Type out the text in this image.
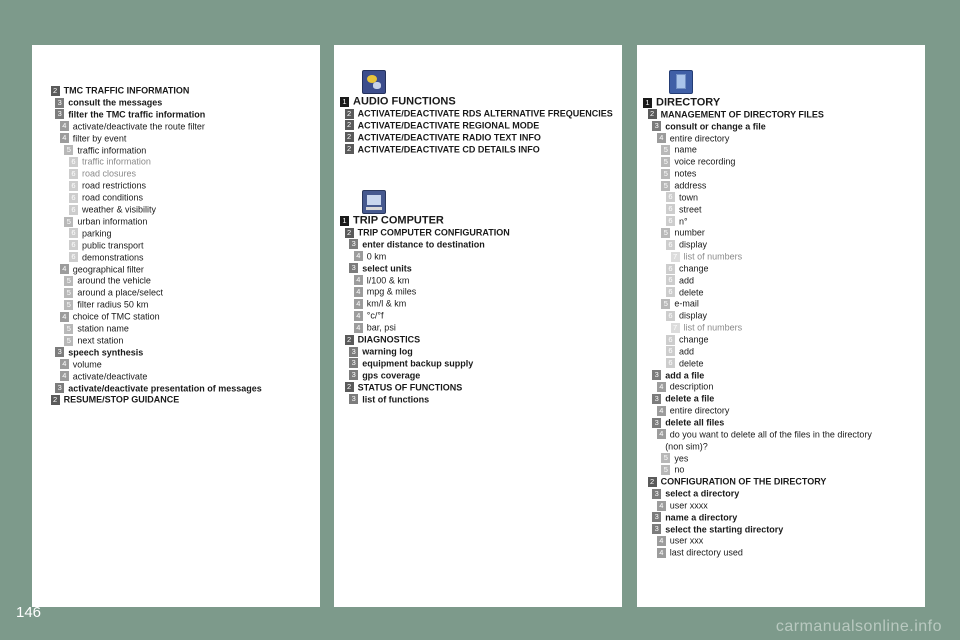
2 TMC TRAFFIC INFORMATION
3 consult the messages
3 filter the TMC traffic information
4 activate/deactivate the route filter
4 filter by event
5 traffic information
6 traffic information
6 road closures
6 road restrictions
6 road conditions
6 weather & visibility
5 urban information
6 parking
6 public transport
6 demonstrations
4 geographical filter
5 around the vehicle
5 around a place/select
5 filter radius 50 km
4 choice of TMC station
5 station name
5 next station
3 speech synthesis
4 volume
4 activate/deactivate
3 activate/deactivate presentation of messages
2 RESUME/STOP GUIDANCE
1 AUDIO FUNCTIONS
2 ACTIVATE/DEACTIVATE RDS ALTERNATIVE FREQUENCIES
2 ACTIVATE/DEACTIVATE REGIONAL MODE
2 ACTIVATE/DEACTIVATE RADIO TEXT INFO
2 ACTIVATE/DEACTIVATE CD DETAILS INFO
1 TRIP COMPUTER
2 TRIP COMPUTER CONFIGURATION
3 enter distance to destination
4 0 km
3 select units
4 l/100 & km
4 mpg & miles
4 km/l & km
4 °c/°f
4 bar, psi
2 DIAGNOSTICS
3 warning log
3 equipment backup supply
3 gps coverage
2 STATUS OF FUNCTIONS
3 list of functions
1 DIRECTORY
2 MANAGEMENT OF DIRECTORY FILES
3 consult or change a file
4 entire directory
5 name
5 voice recording
5 notes
5 address
6 town
6 street
6 n°
5 number
6 display
7 list of numbers
6 change
6 add
6 delete
5 e-mail
6 display
7 list of numbers
6 change
6 add
6 delete
3 add a file
4 description
3 delete a file
4 entire directory
3 delete all files
4 do you want to delete all of the files in the directory
(non sim)?
5 yes
5 no
2 CONFIGURATION OF THE DIRECTORY
3 select a directory
4 user xxxx
3 name a directory
3 select the starting directory
4 user xxx
4 last directory used
146
carmanualsonline.info
